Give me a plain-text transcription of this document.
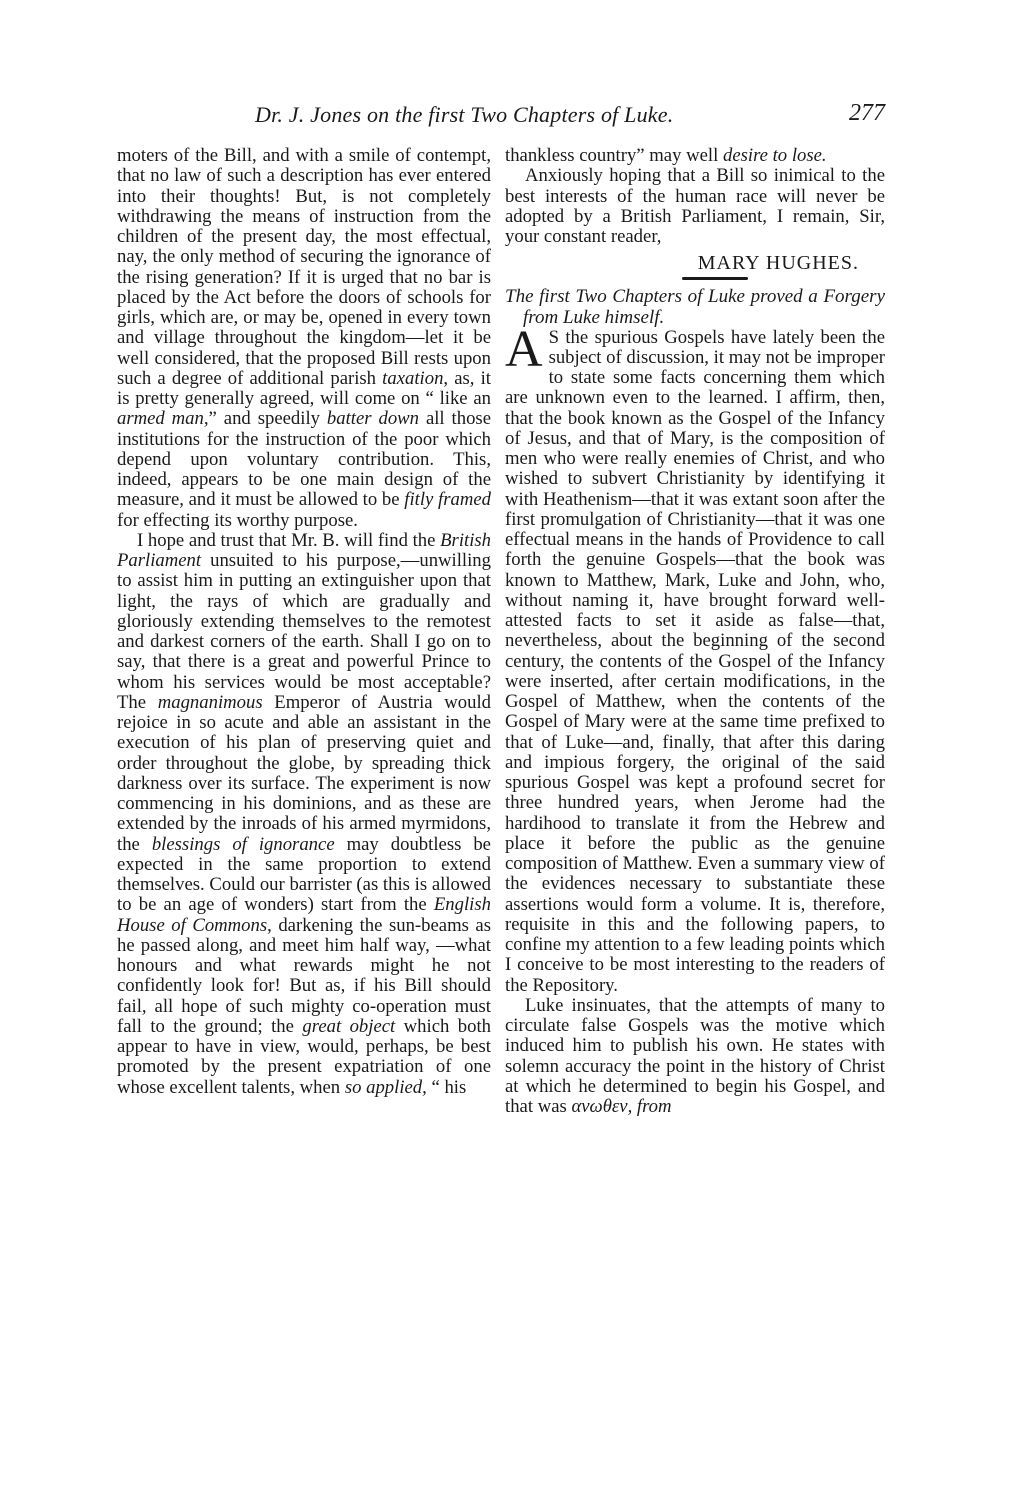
Dr. J. Jones on the first Two Chapters of Luke.	277

moters of the Bill, and with a smile of contempt, that no law of such a description has ever entered into their thoughts! But, is not completely withdrawing the means of instruction from the children of the present day, the most effectual, nay, the only method of securing the ignorance of the rising generation? If it is urged that no bar is placed by the Act before the doors of schools for girls, which are, or may be, opened in every town and village throughout the kingdom—let it be well considered, that the proposed Bill rests upon such a degree of additional parish taxation, as, it is pretty generally agreed, will come on “ like an armed man,” and speedily batter down all those institutions for the instruction of the poor which depend upon voluntary contribution. This, indeed, appears to be one main design of the measure, and it must be allowed to be fitly framed for effecting its worthy purpose.

I hope and trust that Mr. B. will find the British Parliament unsuited to his purpose,—unwilling to assist him in putting an extinguisher upon that light, the rays of which are gradually and gloriously extending themselves to the remotest and darkest corners of the earth. Shall I go on to say, that there is a great and powerful Prince to whom his services would be most acceptable? The magnanimous Emperor of Austria would rejoice in so acute and able an assistant in the execution of his plan of preserving quiet and order throughout the globe, by spreading thick darkness over its surface. The experiment is now commencing in his dominions, and as these are extended by the inroads of his armed myrmidons, the blessings of ignorance may doubtless be expected in the same proportion to extend themselves. Could our barrister (as this is allowed to be an age of wonders) start from the English House of Commons, darkening the sun-beams as he passed along, and meet him half way, —what honours and what rewards might he not confidently look for! But as, if his Bill should fail, all hope of such mighty co-operation must fall to the ground; the great object which both appear to have in view, would, perhaps, be best promoted by the present expatriation of one whose excellent talents, when so applied, “ his

thankless country” may well desire to lose.

Anxiously hoping that a Bill so inimical to the best interests of the human race will never be adopted by a British Parliament, I remain, Sir, your constant reader,

MARY HUGHES.

The first Two Chapters of Luke proved a Forgery from Luke himself.

A S the spurious Gospels have lately been the subject of discussion, it may not be improper to state some facts concerning them which are unknown even to the learned. I affirm, then, that the book known as the Gospel of the Infancy of Jesus, and that of Mary, is the composition of men who were really enemies of Christ, and who wished to subvert Christianity by identifying it with Heathenism—that it was extant soon after the first promulgation of Christianity—that it was one effectual means in the hands of Providence to call forth the genuine Gospels—that the book was known to Matthew, Mark, Luke and John, who, without naming it, have brought forward well-attested facts to set it aside as false—that, nevertheless, about the beginning of the second century, the contents of the Gospel of the Infancy were inserted, after certain modifications, in the Gospel of Matthew, when the contents of the Gospel of Mary were at the same time prefixed to that of Luke—and, finally, that after this daring and impious forgery, the original of the said spurious Gospel was kept a profound secret for three hundred years, when Jerome had the hardihood to translate it from the Hebrew and place it before the public as the genuine composition of Matthew. Even a summary view of the evidences necessary to substantiate these assertions would form a volume. It is, therefore, requisite in this and the following papers, to confine my attention to a few leading points which I conceive to be most interesting to the readers of the Repository.

Luke insinuates, that the attempts of many to circulate false Gospels was the motive which induced him to publish his own. He states with solemn accuracy the point in the history of Christ at which he determined to begin his Gospel, and that was ανωθεν, from
